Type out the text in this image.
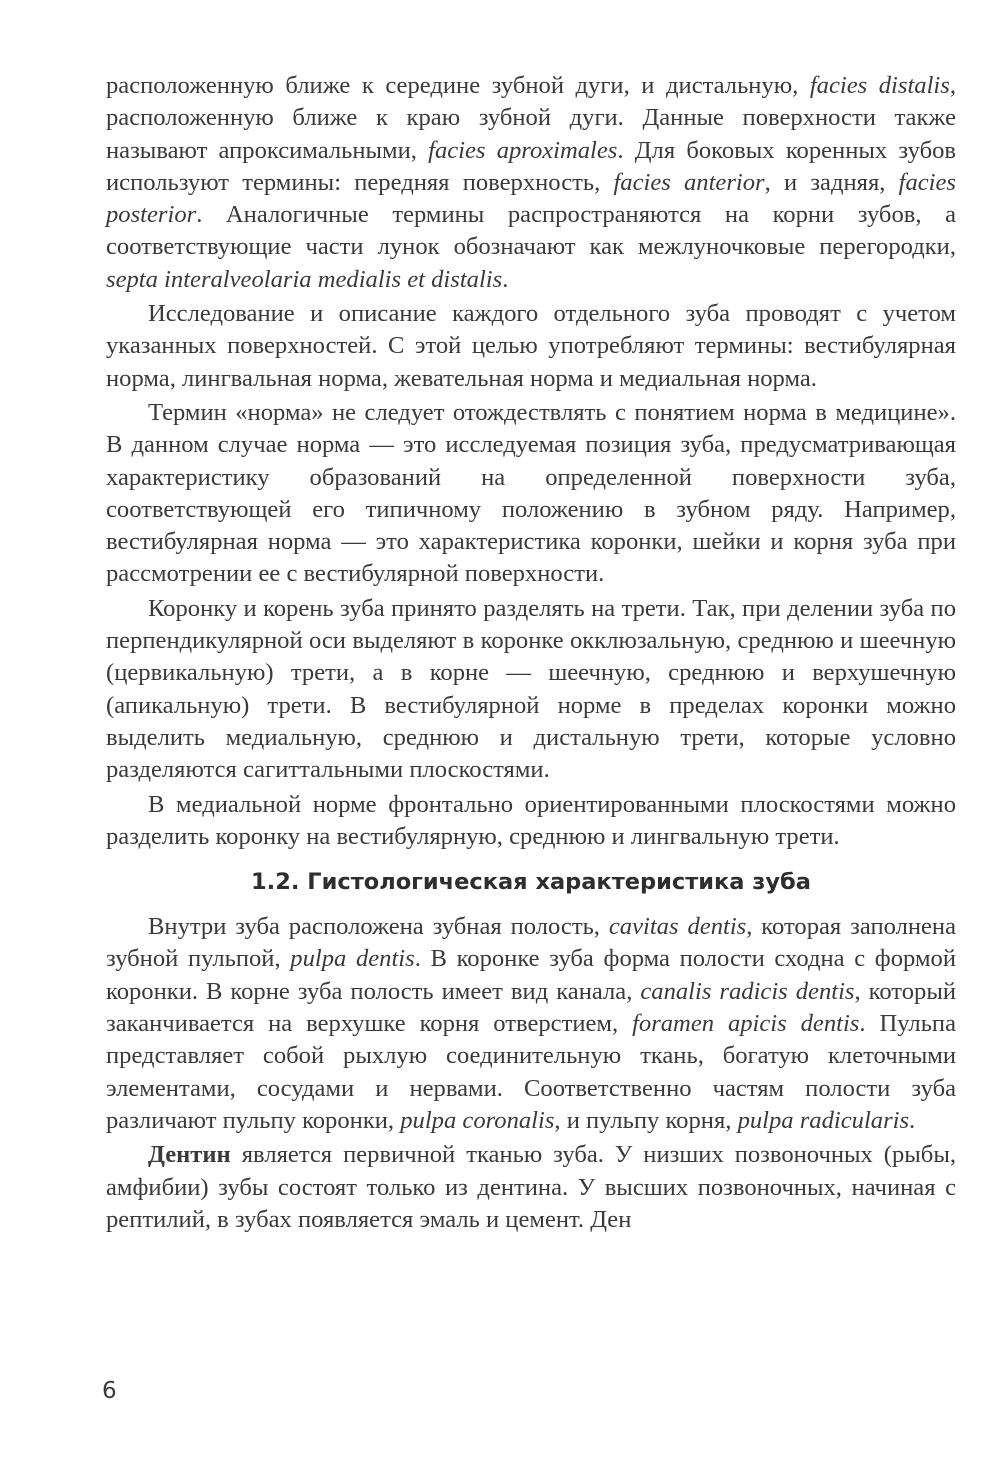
расположенную ближе к середине зубной дуги, и дистальную, facies distalis, расположенную ближе к краю зубной дуги. Данные поверхности также называют апроксимальными, facies aproximales. Для боковых коренных зубов используют термины: передняя поверхность, facies anterior, и задняя, facies posterior. Аналогичные термины распространяются на корни зубов, а соответствующие части лунок обозначают как межлуночковые перегородки, septa interalveolaria medialis et distalis.

Исследование и описание каждого отдельного зуба проводят с учетом указанных поверхностей. С этой целью употребляют термины: вестибулярная норма, лингвальная норма, жевательная норма и медиальная норма.

Термин «норма» не следует отождествлять с понятием норма в медицине». В данном случае норма — это исследуемая позиция зуба, предусматривающая характеристику образований на определенной поверхности зуба, соответствующей его типичному положению в зубном ряду. Например, вестибулярная норма — это характеристика коронки, шейки и корня зуба при рассмотрении ее с вестибулярной поверхности.

Коронку и корень зуба принято разделять на трети. Так, при делении зуба по перпендикулярной оси выделяют в коронке окклюзальную, среднюю и шеечную (цервикальную) трети, а в корне — шеечную, среднюю и верхушечную (апикальную) трети. В вестибулярной норме в пределах коронки можно выделить медиальную, среднюю и дистальную трети, которые условно разделяются сагиттальными плоскостями.

В медиальной норме фронтально ориентированными плоскостями можно разделить коронку на вестибулярную, среднюю и лингвальную трети.

1.2. Гистологическая характеристика зуба

Внутри зуба расположена зубная полость, cavitas dentis, которая заполнена зубной пульпой, pulpa dentis. В коронке зуба форма полости сходна с формой коронки. В корне зуба полость имеет вид канала, canalis radicis dentis, который заканчивается на верхушке корня отверстием, foramen apicis dentis. Пульпа представляет собой рыхлую соединительную ткань, богатую клеточными элементами, сосудами и нервами. Соответственно частям полости зуба различают пульпу коронки, pulpa coronalis, и пульпу корня, pulpa radicularis.

Дентин является первичной тканью зуба. У низших позвоночных (рыбы, амфибии) зубы состоят только из дентина. У высших позвоночных, начиная с рептилий, в зубах появляется эмаль и цемент. Ден

6
